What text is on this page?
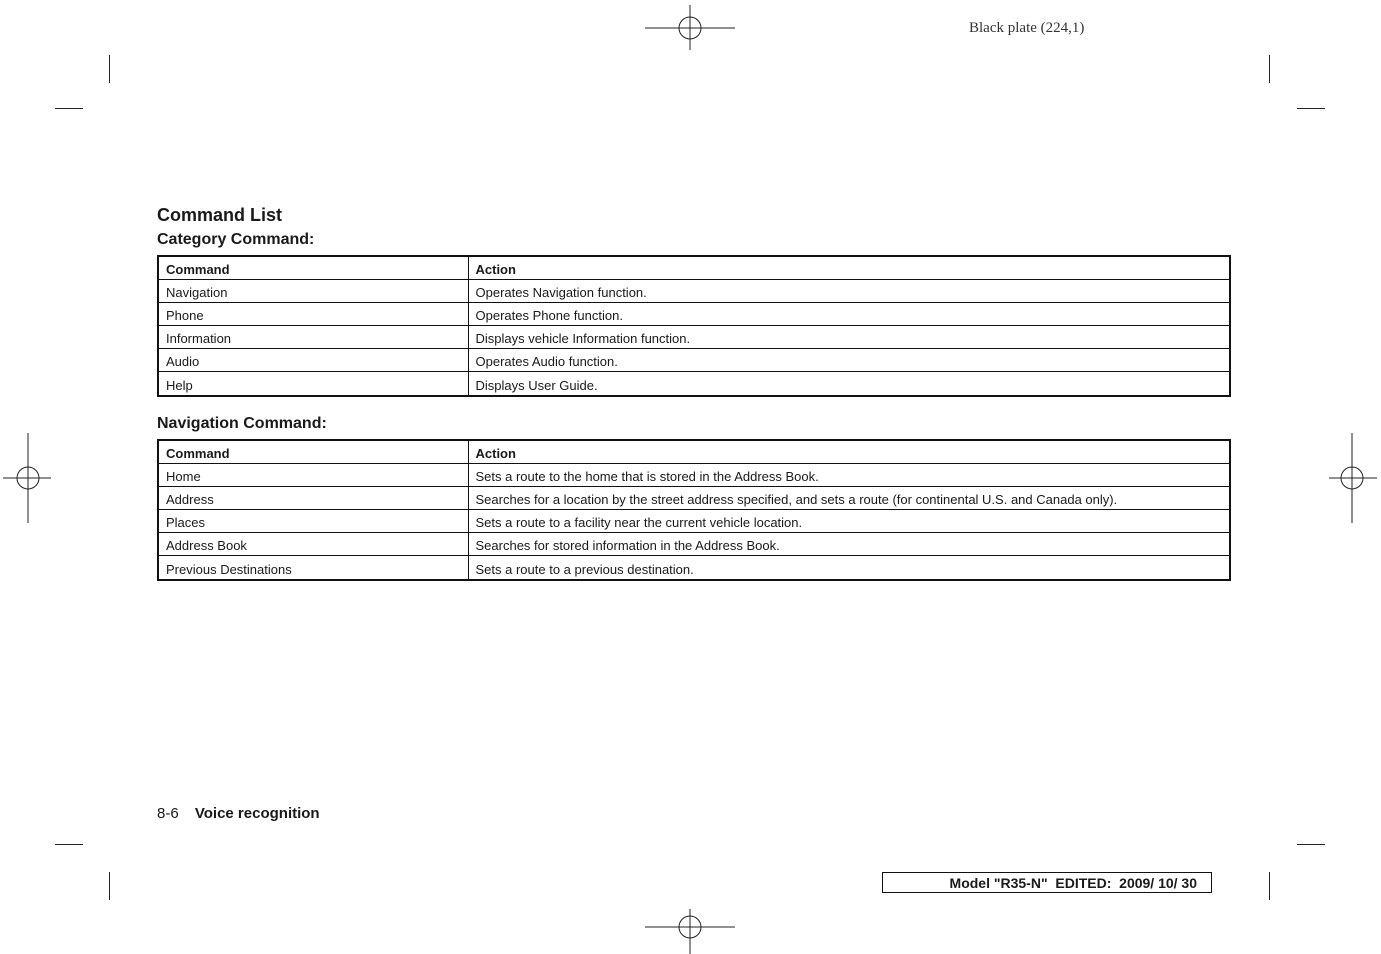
Black plate (224,1)
Command List
Category Command:
Command	Action
Navigation	Operates Navigation function.
Phone	Operates Phone function.
Information	Displays vehicle Information function.
Audio	Operates Audio function.
Help	Displays User Guide.
Navigation Command:
Command	Action
Home	Sets a route to the home that is stored in the Address Book.
Address	Searches for a location by the street address specified, and sets a route (for continental U.S. and Canada only).
Places	Sets a route to a facility near the current vehicle location.
Address Book	Searches for stored information in the Address Book.
Previous Destinations	Sets a route to a previous destination.
8-6 Voice recognition
Model "R35-N"  EDITED:  2009/ 10/ 30
